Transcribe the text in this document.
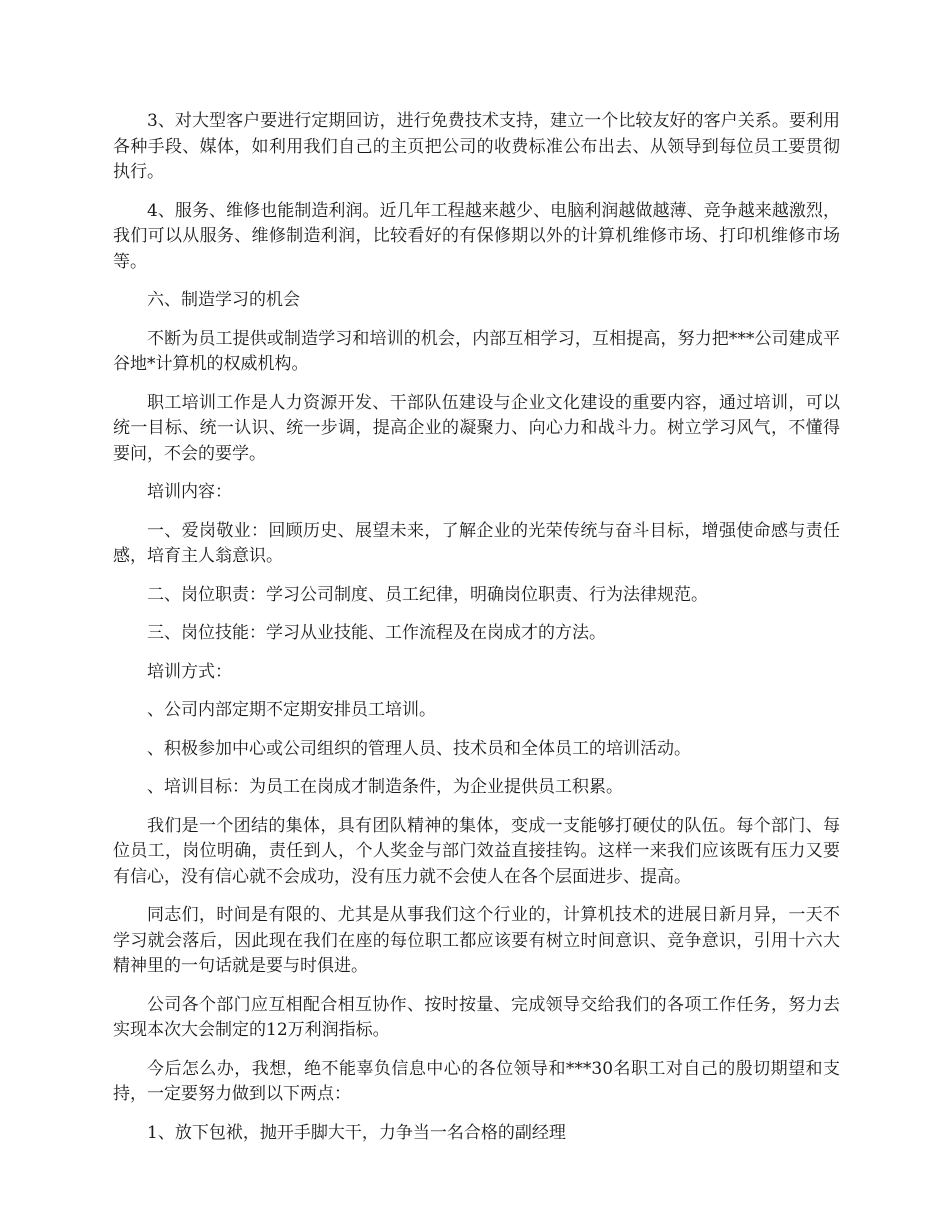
3、对大型客户要进行定期回访，进行免费技术支持，建立一个比较友好的客户关系。要利用各种手段、媒体，如利用我们自己的主页把公司的收费标准公布出去、从领导到每位员工要贯彻执行。

4、服务、维修也能制造利润。近几年工程越来越少、电脑利润越做越薄、竞争越来越激烈，我们可以从服务、维修制造利润，比较看好的有保修期以外的计算机维修市场、打印机维修市场等。

六、制造学习的机会

不断为员工提供或制造学习和培训的机会，内部互相学习，互相提高，努力把***公司建成平谷地*计算机的权威机构。

职工培训工作是人力资源开发、干部队伍建设与企业文化建设的重要内容，通过培训，可以统一目标、统一认识、统一步调，提高企业的凝聚力、向心力和战斗力。树立学习风气，不懂得要问，不会的要学。

培训内容：

一、爱岗敬业：回顾历史、展望未来，了解企业的光荣传统与奋斗目标，增强使命感与责任感，培育主人翁意识。

二、岗位职责：学习公司制度、员工纪律，明确岗位职责、行为法律规范。

三、岗位技能：学习从业技能、工作流程及在岗成才的方法。

培训方式：

、公司内部定期不定期安排员工培训。

、积极参加中心或公司组织的管理人员、技术员和全体员工的培训活动。

、培训目标：为员工在岗成才制造条件，为企业提供员工积累。

我们是一个团结的集体，具有团队精神的集体，变成一支能够打硬仗的队伍。每个部门、每位员工，岗位明确，责任到人，个人奖金与部门效益直接挂钩。这样一来我们应该既有压力又要有信心，没有信心就不会成功，没有压力就不会使人在各个层面进步、提高。

同志们，时间是有限的、尤其是从事我们这个行业的，计算机技术的进展日新月异，一天不学习就会落后，因此现在我们在座的每位职工都应该要有树立时间意识、竞争意识，引用十六大精神里的一句话就是要与时俱进。

公司各个部门应互相配合相互协作、按时按量、完成领导交给我们的各项工作任务，努力去实现本次大会制定的12万利润指标。

今后怎么办，我想，绝不能辜负信息中心的各位领导和***30名职工对自己的殷切期望和支持，一定要努力做到以下两点：

1、放下包袱，抛开手脚大干，力争当一名合格的副经理
